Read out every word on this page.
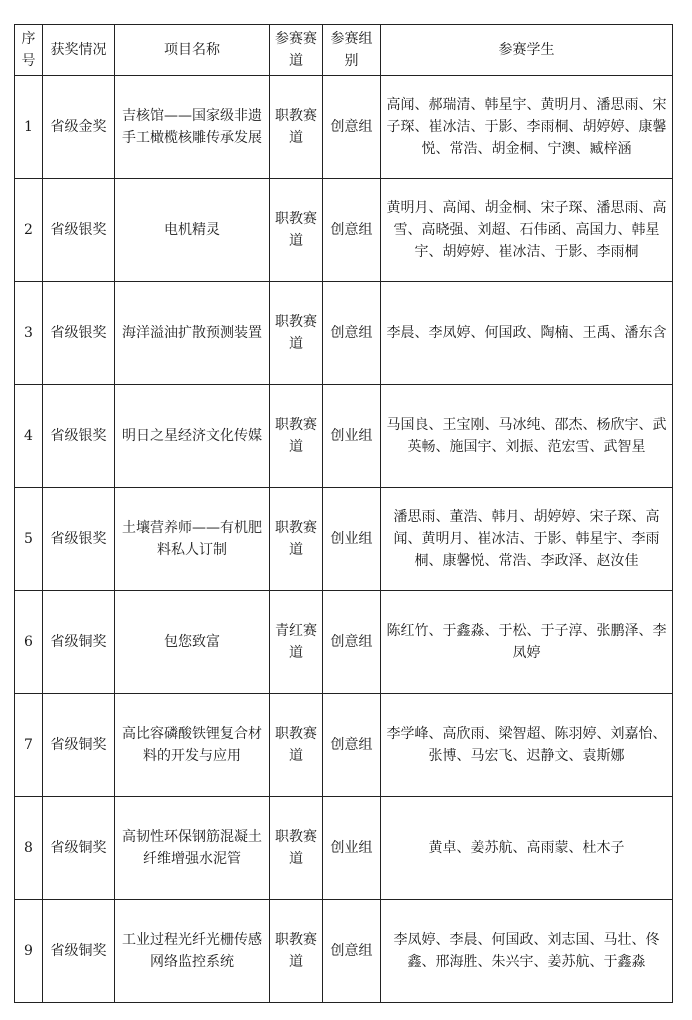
序号	获奖情况	项目名称	参赛赛道	参赛组别	参赛学生
1	省级金奖	吉核馆——国家级非遗手工橄榄核雕传承发展	职教赛道	创意组	高闻、郝瑞清、韩星宇、黄明月、潘思雨、宋子琛、崔冰洁、于影、李雨桐、胡婷婷、康馨悦、常浩、胡金桐、宁澳、臧梓涵
2	省级银奖	电机精灵	职教赛道	创意组	黄明月、高闻、胡金桐、宋子琛、潘思雨、高雪、高晓强、刘超、石伟函、高国力、韩星宇、胡婷婷、崔冰洁、于影、李雨桐
3	省级银奖	海洋溢油扩散预测装置	职教赛道	创意组	李晨、李凤婷、何国政、陶楠、王禹、潘东含
4	省级银奖	明日之星经济文化传媒	职教赛道	创业组	马国良、王宝刚、马冰纯、邵杰、杨欣宇、武英畅、施国宇、刘振、范宏雪、武智星
5	省级银奖	土壤营养师——有机肥料私人订制	职教赛道	创业组	潘思雨、董浩、韩月、胡婷婷、宋子琛、高闻、黄明月、崔冰洁、于影、韩星宇、李雨桐、康馨悦、常浩、李政泽、赵汝佳
6	省级铜奖	包您致富	青红赛道	创意组	陈红竹、于鑫淼、于松、于子淳、张鹏泽、李凤婷
7	省级铜奖	高比容磷酸铁锂复合材料的开发与应用	职教赛道	创意组	李学峰、高欣雨、梁智超、陈羽婷、刘嘉怡、张博、马宏飞、迟静文、袁斯娜
8	省级铜奖	高韧性环保钢筋混凝土纤维增强水泥管	职教赛道	创业组	黄卓、姜苏航、高雨蒙、杜木子
9	省级铜奖	工业过程光纤光栅传感网络监控系统	职教赛道	创意组	李凤婷、李晨、何国政、刘志国、马壮、佟鑫、邢海胜、朱兴宇、姜苏航、于鑫淼
